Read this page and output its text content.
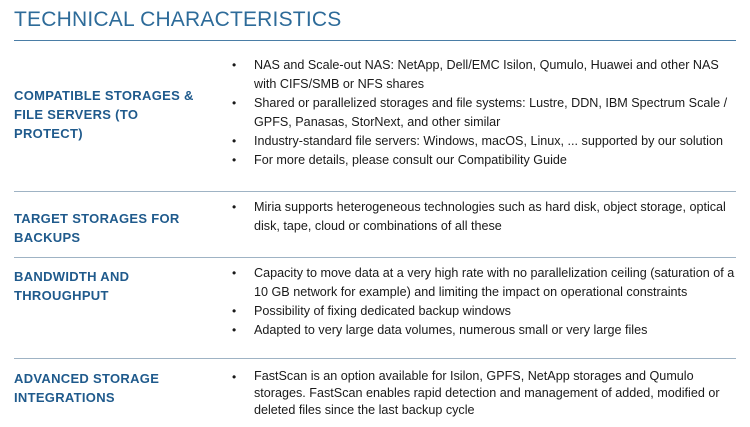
TECHNICAL CHARACTERISTICS
COMPATIBLE STORAGES & FILE SERVERS (TO PROTECT)
• NAS and Scale-out NAS: NetApp, Dell/EMC Isilon, Qumulo, Huawei and other NAS with CIFS/SMB or NFS shares
• Shared or parallelized storages and file systems: Lustre, DDN, IBM Spectrum Scale / GPFS, Panasas, StorNext, and other similar
• Industry-standard file servers: Windows, macOS, Linux, ... supported by our solution
• For more details, please consult our Compatibility Guide
TARGET STORAGES FOR BACKUPS
• Miria supports heterogeneous technologies such as hard disk, object storage, optical disk, tape, cloud or combinations of all these
BANDWIDTH AND THROUGHPUT
• Capacity to move data at a very high rate with no parallelization ceiling (saturation of a 10 GB network for example) and limiting the impact on operational constraints
• Possibility of fixing dedicated backup windows
• Adapted to very large data volumes, numerous small or very large files
ADVANCED STORAGE INTEGRATIONS
• FastScan is an option available for Isilon, GPFS, NetApp storages and Qumulo storages. FastScan enables rapid detection and management of added, modified or deleted files since the last backup cycle
